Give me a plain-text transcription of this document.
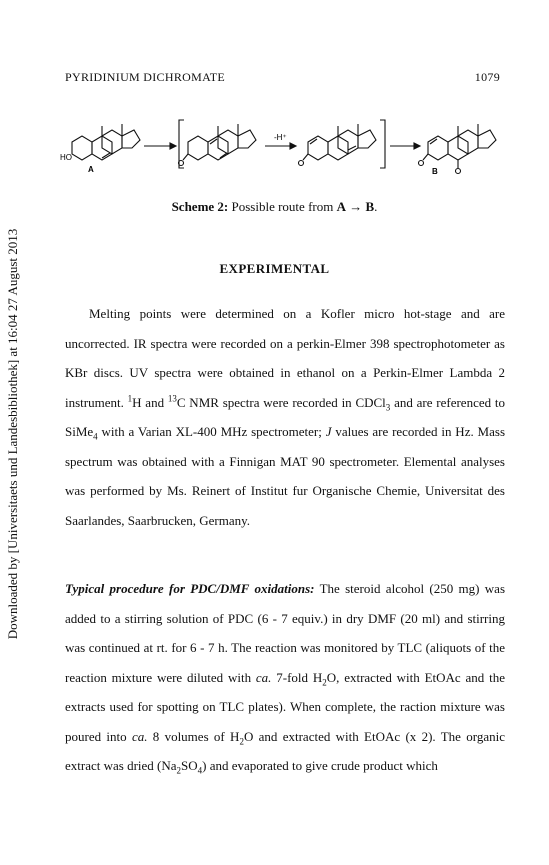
Downloaded by [Universitaets und Landesbibliothek] at 16:04 27 August 2013
PYRIDINIUM DICHROMATE	1079
HO
A
-H⁺
B
Scheme 2: Possible route from A → B.
EXPERIMENTAL

Melting points were determined on a Kofler micro hot-stage and are uncorrected. IR spectra were recorded on a perkin-Elmer 398 spectrophotometer as KBr discs. UV spectra were obtained in ethanol on a Perkin-Elmer Lambda 2 instrument. $^1$H and $^{13}$C NMR spectra were recorded in CDCl$_3$ and are referenced to SiMe$_4$ with a Varian XL-400 MHz spectrometer; J values are recorded in Hz. Mass spectrum was obtained with a Finnigan MAT 90 spectrometer. Elemental analyses was performed by Ms. Reinert of Institut fur Organische Chemie, Universitat des Saarlandes, Saarbrucken, Germany.

Typical procedure for PDC/DMF oxidations: The steroid alcohol (250 mg) was added to a stirring solution of PDC (6 - 7 equiv.) in dry DMF (20 ml) and stirring was continued at rt. for 6 - 7 h. The reaction was monitored by TLC (aliquots of the reaction mixture were diluted with ca. 7-fold $H_2O$, extracted with EtOAc and the extracts used for spotting on TLC plates). When complete, the raction mixture was poured into ca. 8 volumes of $H_2O$ and extracted with EtOAc (x 2). The organic extract was dried $(Na_2SO_4)$ and evaporated to give crude product which
